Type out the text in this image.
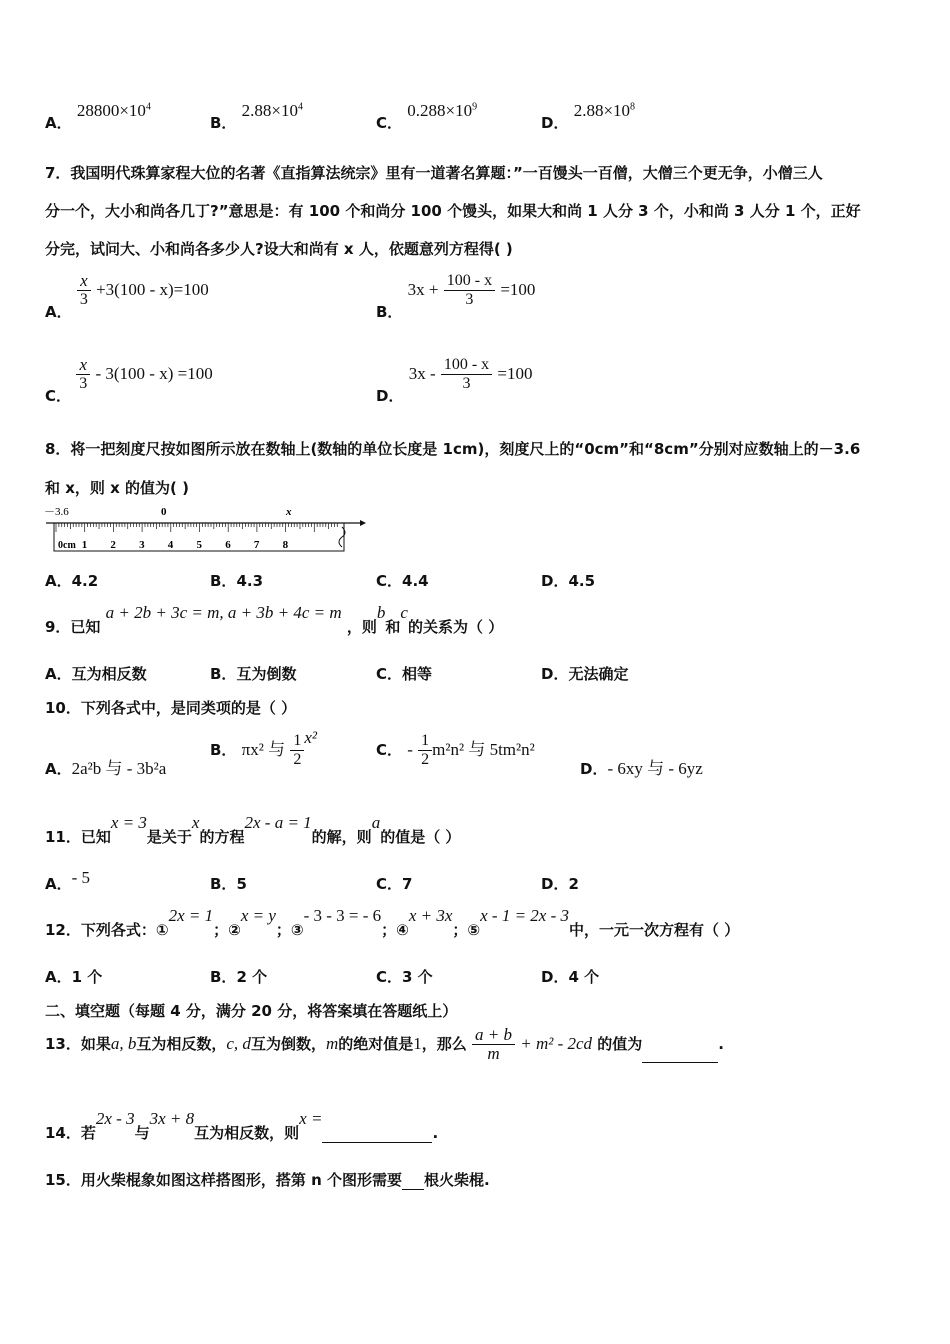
A． $28800\times 10^4$
B． $2.88\times 10^4$
C． $0.288\times 10^9$
D． $2.88\times 10^8$
7．我国明代珠算家程大位的名著《直指算法统宗》里有一道著名算题：”一百馒头一百僧，大僧三个更无争，小僧三人
分一个，大小和尚各几丁?”意思是：有 100 个和尚分 100 个馒头，如果大和尚 1 人分 3 个，小和尚 3 人分 1 个，正好
分完，试问大、小和尚各多少人?设大和尚有 x 人，依题意列方程得( )
A．
$\frac{x}{3} +3(100 - x)=100$
B． $3x + \frac{100 - x}{3} =100$
C．
$\frac{x}{3} - 3(100 - x) =100$
D． $3x - \frac{100 - x}{3} =100$
8．将一把刻度尺按如图所示放在数轴上(数轴的单位长度是 1cm)，刻度尺上的“0cm”和“8cm”分别对应数轴上的－3.6
和 x，则 x 的值为( )
－3.6	0	x
0cm 1 2 3 4 5 6 7 8
A．4.2	B．4.3	C．4.4	D．4.5
9．已知 a + 2b + 3c = m, a + 3b + 4c = m ，则b和c的关系为（ ）
A．互为相反数	B．互为倒数	C．相等	D．无法确定
10．下列各式中，是同类项的是（ ）
A．2a²b 与 - 3b²a
B． πx² 与 $\frac{1}{2} x^2$
C． - $\frac{1}{2} m^2n^2$ 与 5tm²n²
D．- 6xy 与 - 6yz
11．已知x = 3是关于x的方程2x - a = 1的解，则a的值是（ ）
A．- 5	B．5	C．7	D．2
12．下列各式：①2x = 1；②x = y；③- 3 - 3 = - 6；④x + 3x；⑤x - 1 = 2x - 3中，一元一次方程有（ ）
A．1 个	B．2 个	C．3 个	D．4 个
二、填空题（每题 4 分，满分 20 分，将答案填在答题纸上）
13．如果a, b互为相反数，c, d互为倒数，m的绝对值是1，那么 $\frac{a + b}{m} + m^2 - 2cd$ 的值为	.
14．若2x - 3与3x + 8互为相反数，则x =.
15．用火柴棍象如图这样搭图形，搭第 n 个图形需要 根火柴棍.
